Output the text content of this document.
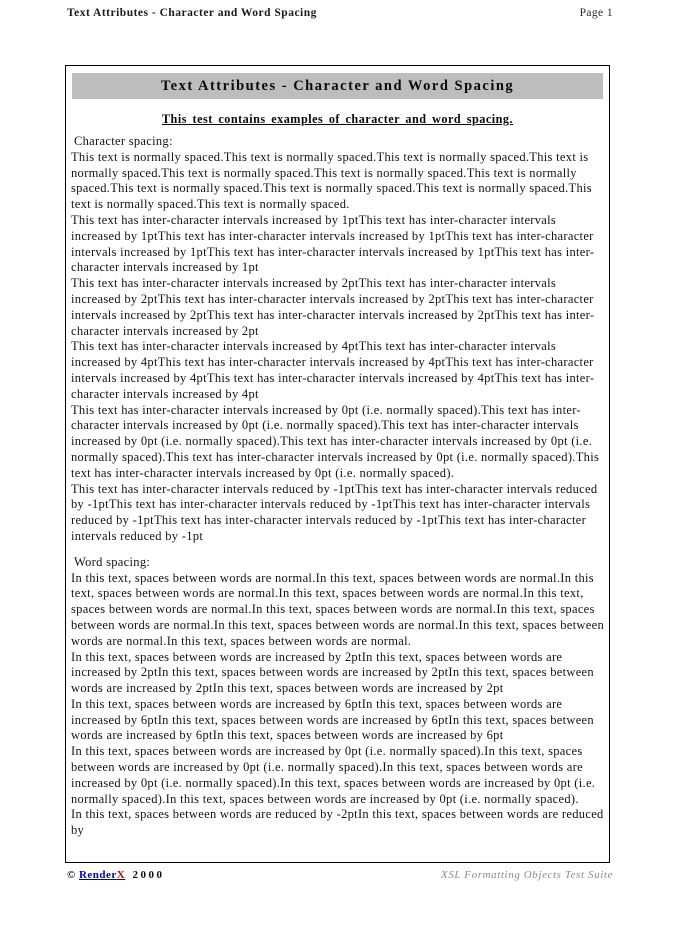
Text Attributes - Character and Word Spacing	Page 1
Text Attributes - Character and Word Spacing
This test contains examples of character and word spacing.

Character spacing:

This text is normally spaced.This text is normally spaced.This text is normally spaced.This text is normally spaced.This text is normally spaced.This text is normally spaced.This text is normally spaced.This text is normally spaced.This text is normally spaced.This text is normally spaced.This text is normally spaced.This text is normally spaced.

This text has inter-character intervals increased by 1ptThis text has inter-character intervals increased by 1ptThis text has inter-character intervals increased by 1ptThis text has inter-character intervals increased by 1ptThis text has inter-character intervals increased by 1ptThis text has inter-character intervals increased by 1pt

This text has inter-character intervals increased by 2ptThis text has inter-character intervals increased by 2ptThis text has inter-character intervals increased by 2ptThis text has inter-character intervals increased by 2ptThis text has inter-character intervals increased by 2ptThis text has inter-character intervals increased by 2pt

This text has inter-character intervals increased by 4ptThis text has inter-character intervals increased by 4ptThis text has inter-character intervals increased by 4ptThis text has inter-character intervals increased by 4ptThis text has inter-character intervals increased by 4ptThis text has inter-character intervals increased by 4pt

This text has inter-character intervals increased by 0pt (i.e. normally spaced).This text has inter-character intervals increased by 0pt (i.e. normally spaced).This text has inter-character intervals increased by 0pt (i.e. normally spaced).This text has inter-character intervals increased by 0pt (i.e. normally spaced).This text has inter-character intervals increased by 0pt (i.e. normally spaced).This text has inter-character intervals increased by 0pt (i.e. normally spaced).

This text has inter-character intervals reduced by -1ptThis text has inter-character intervals reduced by -1ptThis text has inter-character intervals reduced by -1ptThis text has inter-character intervals reduced by -1ptThis text has inter-character intervals reduced by -1ptThis text has inter-character intervals reduced by -1pt

Word spacing:

In this text, spaces between words are normal.In this text, spaces between words are normal.In this text, spaces between words are normal.In this text, spaces between words are normal.In this text, spaces between words are normal.In this text, spaces between words are normal.In this text, spaces between words are normal.In this text, spaces between words are normal.In this text, spaces between words are normal.In this text, spaces between words are normal.

In this text, spaces between words are increased by 2ptIn this text, spaces between words are increased by 2ptIn this text, spaces between words are increased by 2ptIn this text, spaces between words are increased by 2ptIn this text, spaces between words are increased by 2pt

In this text, spaces between words are increased by 6ptIn this text, spaces between words are increased by 6ptIn this text, spaces between words are increased by 6ptIn this text, spaces between words are increased by 6ptIn this text, spaces between words are increased by 6pt

In this text, spaces between words are increased by 0pt (i.e. normally spaced).In this text, spaces between words are increased by 0pt (i.e. normally spaced).In this text, spaces between words are increased by 0pt (i.e. normally spaced).In this text, spaces between words are increased by 0pt (i.e. normally spaced).In this text, spaces between words are increased by 0pt (i.e. normally spaced).

In this text, spaces between words are reduced by -2ptIn this text, spaces between words are reduced by

© RenderX 2000	XSL Formatting Objects Test Suite
